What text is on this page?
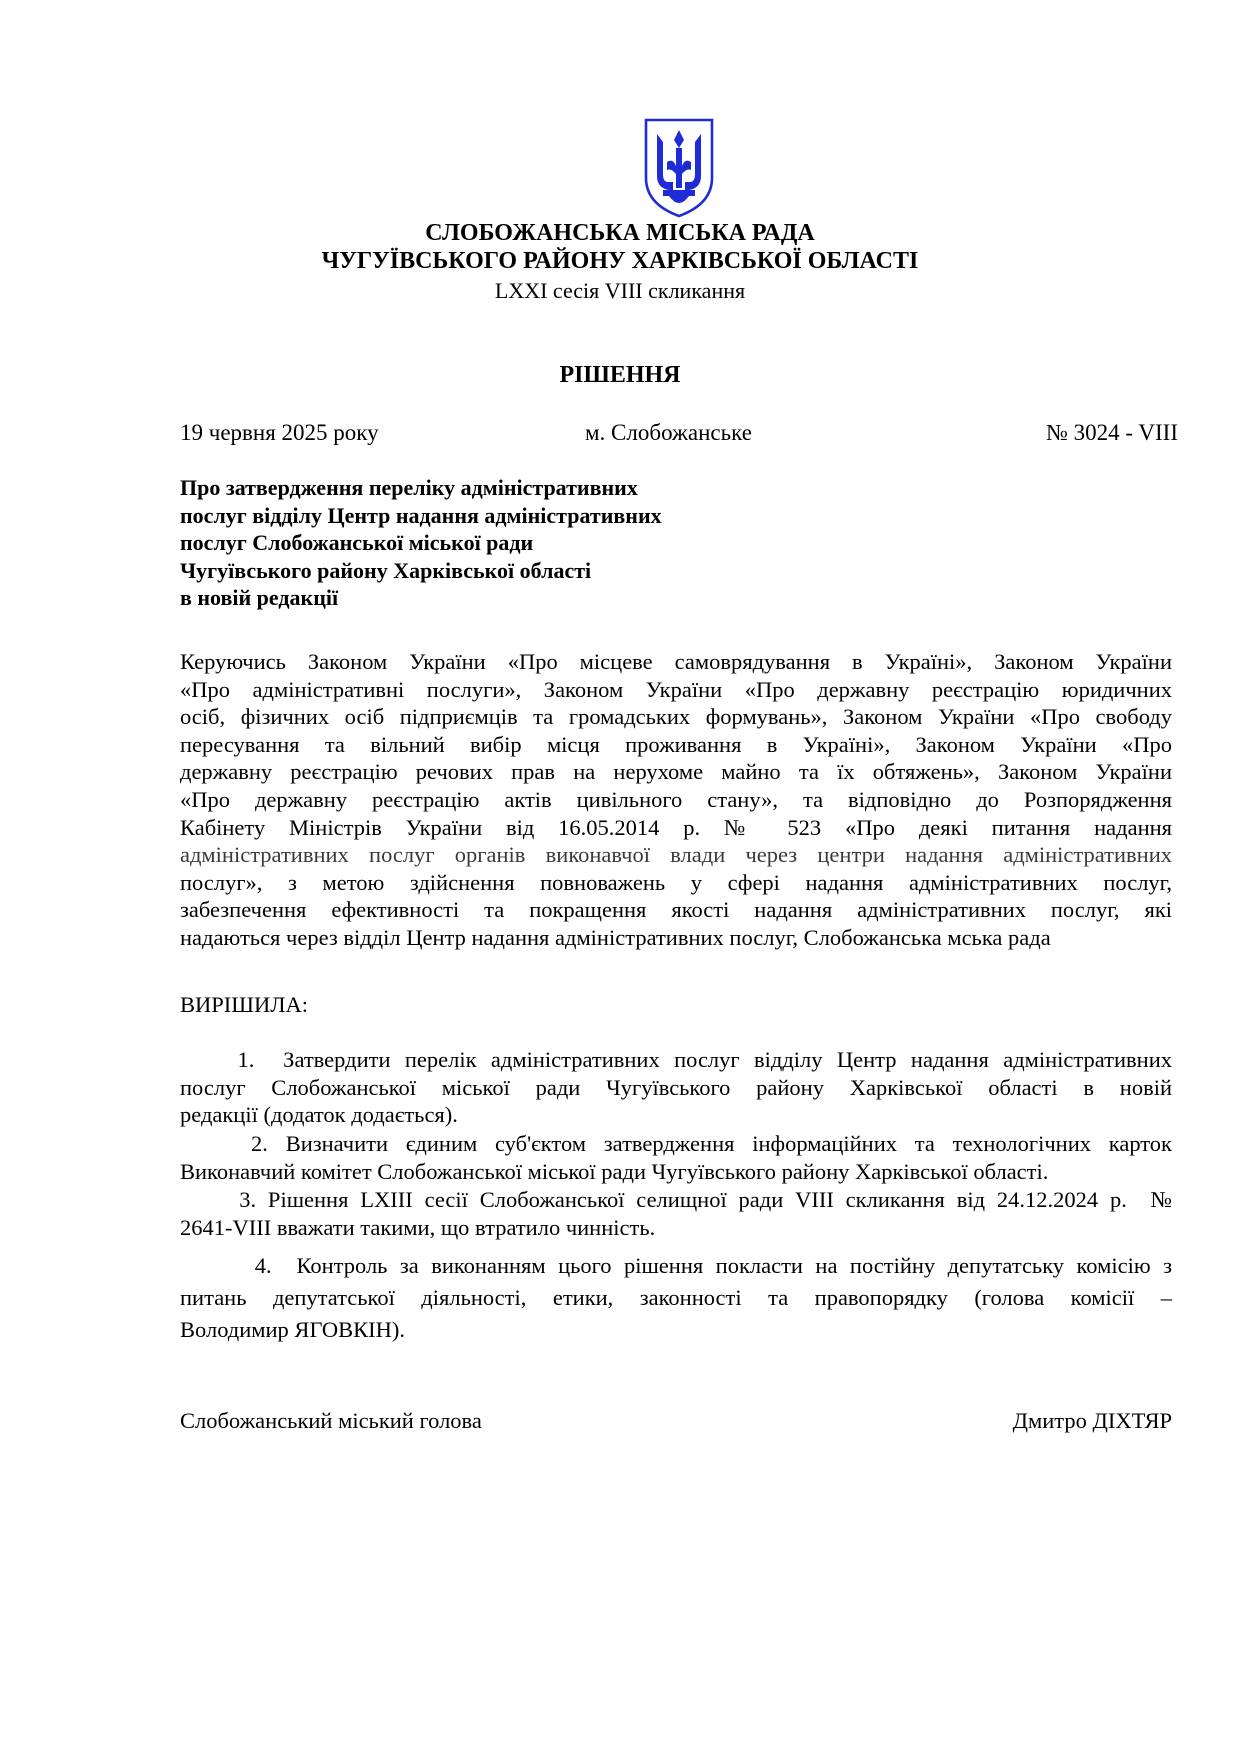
СЛОБОЖАНСЬКА МІСЬКА РАДА
ЧУГУЇВСЬКОГО РАЙОНУ ХАРКІВСЬКОЇ ОБЛАСТІ
LXXI сесія VIII скликання
РІШЕННЯ
19 червня 2025 року	м. Слобожанське	№ 3024 - VIII
Про затвердження переліку адміністративних
послуг відділу Центр надання адміністративних
послуг Слобожанської міської ради
Чугуївського району Харківської області
в новій редакції
Керуючись Законом України «Про місцеве самоврядування в Україні», Законом України
«Про адміністративні послуги», Законом України «Про державну реєстрацію юридичних
осіб, фізичних осіб підприємців та громадських формувань», Законом України «Про свободу
пересування та вільний вибір місця проживання в Україні», Законом України «Про
державну реєстрацію речових прав на нерухоме майно та їх обтяжень», Законом України
«Про державну реєстрацію актів цивільного стану», та відповідно до Розпорядження
Кабінету Міністрів України від 16.05.2014 р. № 523 «Про деякі питання надання
адміністративних послуг органів виконавчої влади через центри надання адміністративних
послуг», з метою здійснення повноважень у сфері надання адміністративних послуг,
забезпечення ефективності та покращення якості надання адміністративних послуг, які
надаються через відділ Центр надання адміністративних послуг, Слобожанська мська рада
ВИРІШИЛА:
1.  Затвердити перелік адміністративних послуг відділу Центр надання адміністративних
послуг Слобожанської міської ради Чугуївського району Харківської області в новій
редакції (додаток додається).
2. Визначити єдиним суб'єктом затвердження інформаційних та технологічних карток
Виконавчий комітет Слобожанської міської ради Чугуївського району Харківської області.
3. Рішення LXIII сесії Слобожанської селищної ради VIII скликання від 24.12.2024 р.  №
2641-VIII вважати такими, що втратило чинність.
4.  Контроль за виконанням цього рішення покласти на постійну депутатську комісію з
питань депутатської діяльності, етики, законності та правопорядку (голова комісії –
Володимир ЯГОВКІН).
Слобожанський міський голова	Дмитро ДІХТЯР
